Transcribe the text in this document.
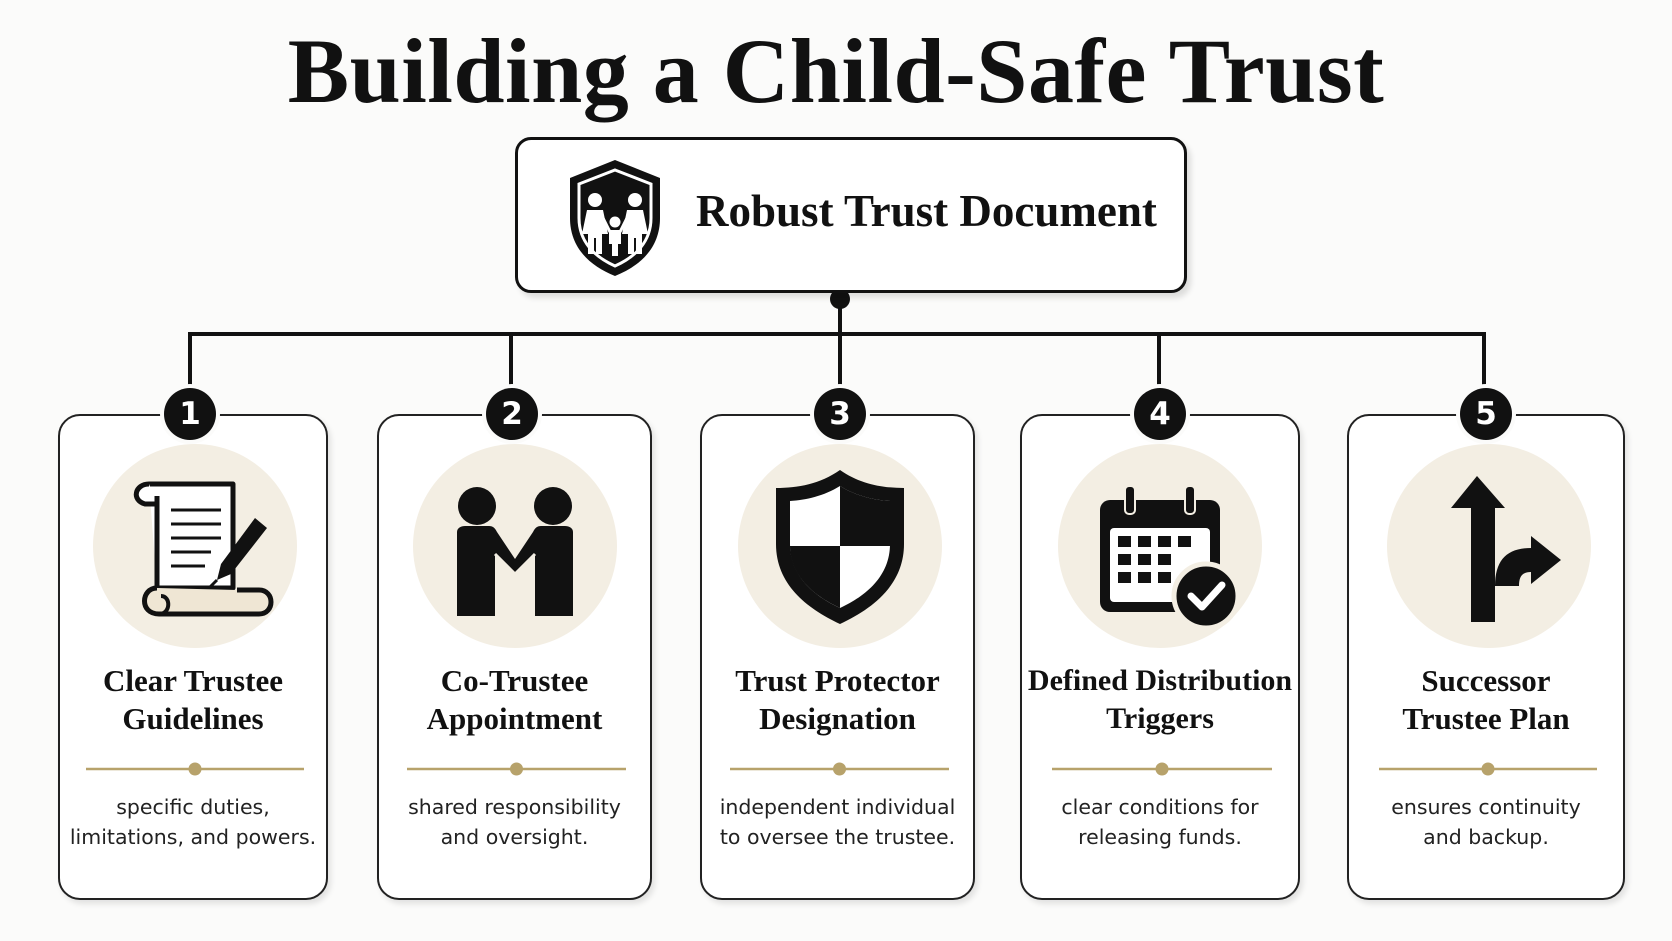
Building a Child-Safe Trust
Robust Trust Document
Clear Trustee
Guidelines
specific duties,
limitations, and powers.
1
Co-Trustee
Appointment
shared responsibility
and oversight.
2
Trust Protector
Designation
independent individual
to oversee the trustee.
3
Defined Distribution
Triggers
clear conditions for
releasing funds.
4
Successor
Trustee Plan
ensures continuity
and backup.
5
